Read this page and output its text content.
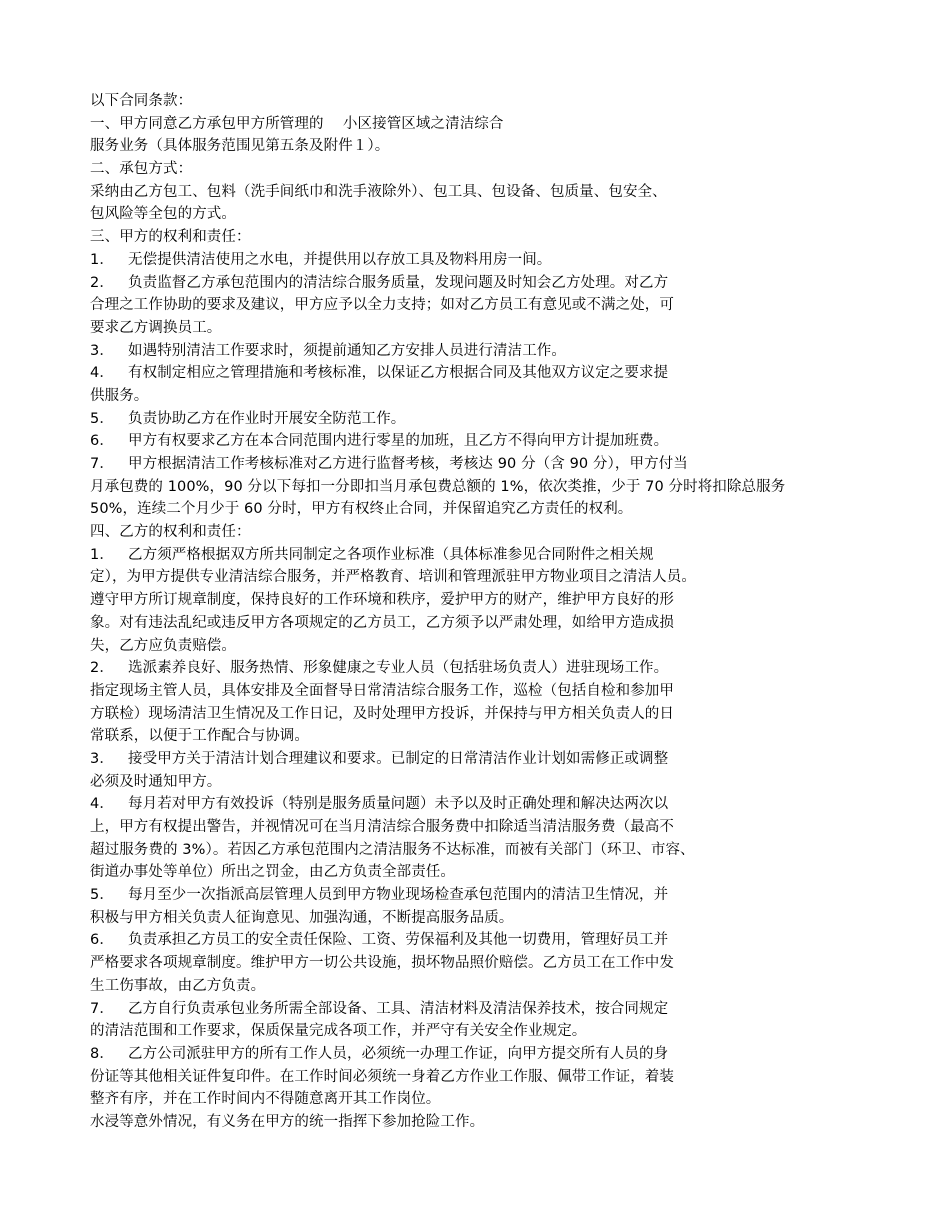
以下合同条款：
一、甲方同意乙方承包甲方所管理的　 小区接管区域之清洁综合
服务业务（具体服务范围见第五条及附件１）。
二、承包方式：
采纳由乙方包工、包料（洗手间纸巾和洗手液除外）、包工具、包设备、包质量、包安全、
包风险等全包的方式。
三、甲方的权利和责任：
1． 无偿提供清洁使用之水电，并提供用以存放工具及物料用房一间。
2． 负责监督乙方承包范围内的清洁综合服务质量，发现问题及时知会乙方处理。对乙方
合理之工作协助的要求及建议，甲方应予以全力支持；如对乙方员工有意见或不满之处，可
要求乙方调换员工。
3． 如遇特别清洁工作要求时，须提前通知乙方安排人员进行清洁工作。
4． 有权制定相应之管理措施和考核标准，以保证乙方根据合同及其他双方议定之要求提
供服务。
5． 负责协助乙方在作业时开展安全防范工作。
6． 甲方有权要求乙方在本合同范围内进行零星的加班，且乙方不得向甲方计提加班费。
7． 甲方根据清洁工作考核标准对乙方进行监督考核，考核达 90 分（含 90 分），甲方付当
月承包费的 100%，90 分以下每扣一分即扣当月承包费总额的 1%，依次类推，少于 70 分时将扣除总服务
50%，连续二个月少于 60 分时，甲方有权终止合同，并保留追究乙方责任的权利。
四、乙方的权利和责任：
1． 乙方须严格根据双方所共同制定之各项作业标准（具体标准参见合同附件之相关规
定），为甲方提供专业清洁综合服务，并严格教育、培训和管理派驻甲方物业项目之清洁人员。
遵守甲方所订规章制度，保持良好的工作环境和秩序，爱护甲方的财产，维护甲方良好的形
象。对有违法乱纪或违反甲方各项规定的乙方员工，乙方须予以严肃处理，如给甲方造成损
失，乙方应负责赔偿。
2． 选派素养良好、服务热情、形象健康之专业人员（包括驻场负责人）进驻现场工作。
指定现场主管人员，具体安排及全面督导日常清洁综合服务工作，巡检（包括自检和参加甲
方联检）现场清洁卫生情况及工作日记，及时处理甲方投诉，并保持与甲方相关负责人的日
常联系，以便于工作配合与协调。
3． 接受甲方关于清洁计划合理建议和要求。已制定的日常清洁作业计划如需修正或调整
必须及时通知甲方。
4． 每月若对甲方有效投诉（特别是服务质量问题）未予以及时正确处理和解决达两次以
上，甲方有权提出警告，并视情况可在当月清洁综合服务费中扣除适当清洁服务费（最高不
超过服务费的 3%）。若因乙方承包范围内之清洁服务不达标准，而被有关部门（环卫、市容、
街道办事处等单位）所出之罚金，由乙方负责全部责任。
5． 每月至少一次指派高层管理人员到甲方物业现场检查承包范围内的清洁卫生情况，并
积极与甲方相关负责人征询意见、加强沟通，不断提高服务品质。
6． 负责承担乙方员工的安全责任保险、工资、劳保福利及其他一切费用，管理好员工并
严格要求各项规章制度。维护甲方一切公共设施，损坏物品照价赔偿。乙方员工在工作中发
生工伤事故，由乙方负责。
7． 乙方自行负责承包业务所需全部设备、工具、清洁材料及清洁保养技术，按合同规定
的清洁范围和工作要求，保质保量完成各项工作，并严守有关安全作业规定。
8． 乙方公司派驻甲方的所有工作人员，必须统一办理工作证，向甲方提交所有人员的身
份证等其他相关证件复印件。在工作时间必须统一身着乙方作业工作服、佩带工作证，着装
整齐有序，并在工作时间内不得随意离开其工作岗位。
水浸等意外情况，有义务在甲方的统一指挥下参加抢险工作。
